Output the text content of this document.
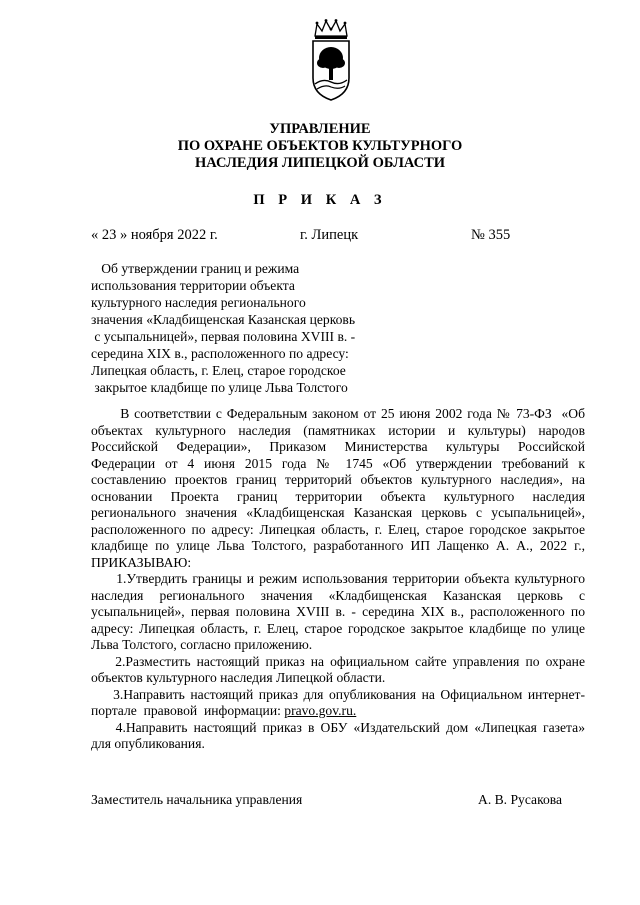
УПРАВЛЕНИЕ
ПО ОХРАНЕ ОБЪЕКТОВ КУЛЬТУРНОГО
НАСЛЕДИЯ ЛИПЕЦКОЙ ОБЛАСТИ
П Р И К А З
« 23 » ноября 2022 г.	г. Липецк	№ 355
Об утверждении границ и режима
использования территории объекта
культурного наследия регионального
значения «Кладбищенская Казанская церковь
с усыпальницей», первая половина XVIII в. -
середина XIX в., расположенного по адресу:
Липецкая область, г. Елец, старое городское
закрытое кладбище по улице Льва Толстого
В соответствии с Федеральным законом от 25 июня 2002 года № 73-ФЗ  «Об
объектах культурного наследия (памятниках истории и культуры) народов
Российской Федерации», Приказом Министерства культуры Российской
Федерации от 4 июня 2015 года № 1745 «Об утверждении требований к
составлению проектов границ территорий объектов культурного наследия», на
основании Проекта границ территории объекта культурного наследия
регионального значения «Кладбищенская Казанская церковь с усыпальницей»,
расположенного по адресу: Липецкая область, г. Елец, старое городское закрытое
кладбище по улице Льва Толстого, разработанного ИП Лащенко А. А., 2022 г.,
ПРИКАЗЫВАЮ:
1.Утвердить границы и режим использования территории объекта культурного
наследия регионального значения «Кладбищенская Казанская церковь с
усыпальницей», первая половина XVIII в. - середина XIX в., расположенного по
адресу: Липецкая область, г. Елец, старое городское закрытое кладбище по улице
Льва Толстого, согласно приложению.
2.Разместить настоящий приказ на официальном сайте управления по охране
объектов культурного наследия Липецкой области.
3.Направить настоящий приказ для опубликования на Официальном интернет-
портале  правовой  информации: pravo.gov.ru.
4.Направить настоящий приказ в ОБУ «Издательский дом «Липецкая газета»
для опубликования.
Заместитель начальника управления	А. В. Русакова
